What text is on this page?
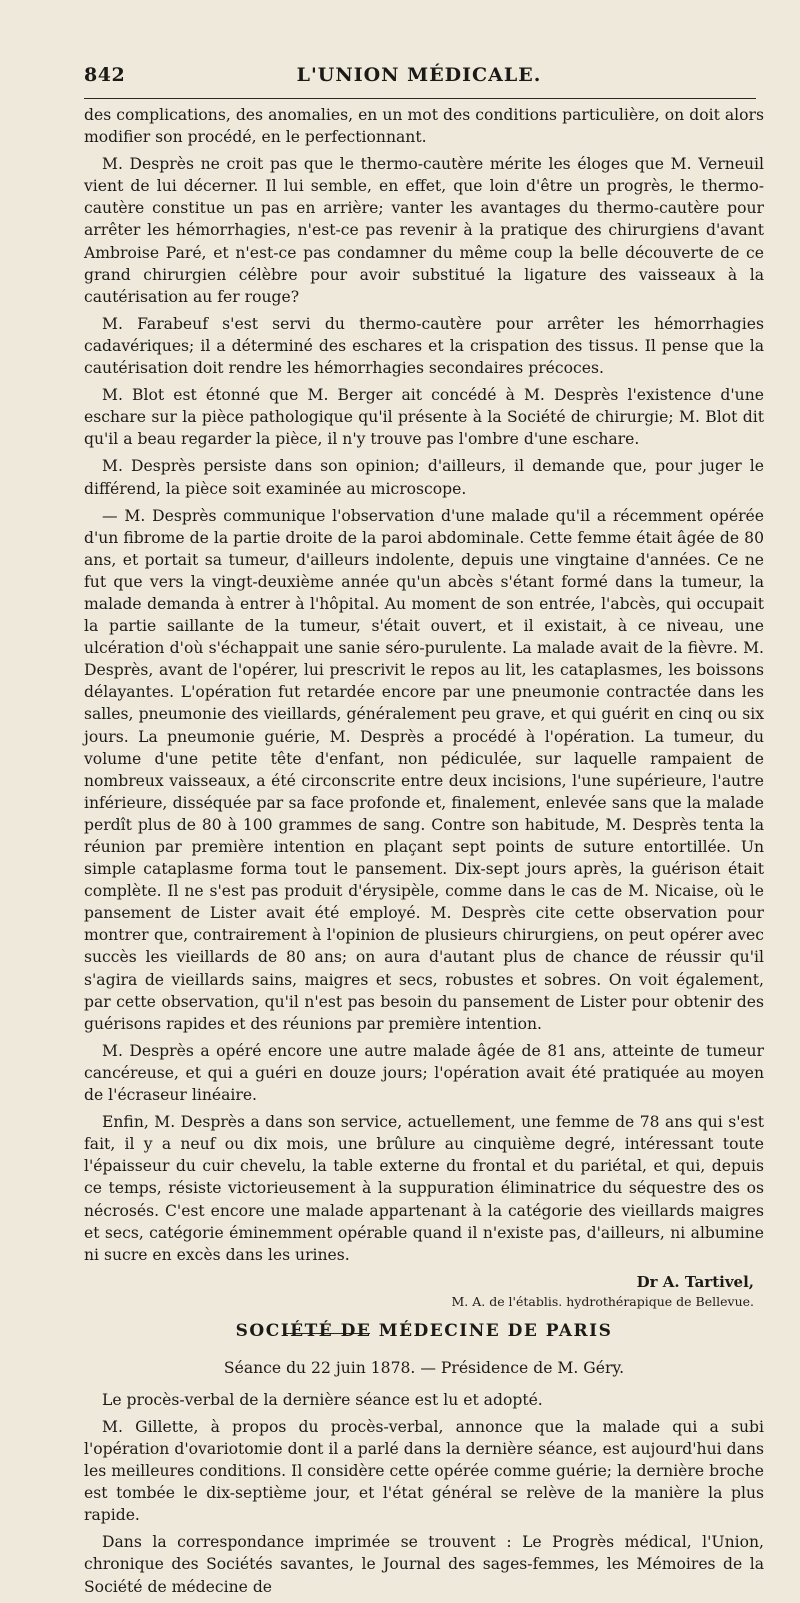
842	L'UNION MÉDICALE.

des complications, des anomalies, en un mot des conditions particulière, on doit alors modifier son procédé, en le perfectionnant.

M. Desprès ne croit pas que le thermo-cautère mérite les éloges que M. Verneuil vient de lui décerner. Il lui semble, en effet, que loin d'être un progrès, le thermo-cautère constitue un pas en arrière; vanter les avantages du thermo-cautère pour arrêter les hémorrhagies, n'est-ce pas revenir à la pratique des chirurgiens d'avant Ambroise Paré, et n'est-ce pas condamner du même coup la belle découverte de ce grand chirurgien célèbre pour avoir substitué la ligature des vaisseaux à la cautérisation au fer rouge?

M. Farabeuf s'est servi du thermo-cautère pour arrêter les hémorrhagies cadavériques; il a déterminé des eschares et la crispation des tissus. Il pense que la cautérisation doit rendre les hémorrhagies secondaires précoces.

M. Blot est étonné que M. Berger ait concédé à M. Desprès l'existence d'une eschare sur la pièce pathologique qu'il présente à la Société de chirurgie; M. Blot dit qu'il a beau regarder la pièce, il n'y trouve pas l'ombre d'une eschare.

M. Desprès persiste dans son opinion; d'ailleurs, il demande que, pour juger le différend, la pièce soit examinée au microscope.

— M. Desprès communique l'observation d'une malade qu'il a récemment opérée d'un fibrome de la partie droite de la paroi abdominale. Cette femme était âgée de 80 ans, et portait sa tumeur, d'ailleurs indolente, depuis une vingtaine d'années. Ce ne fut que vers la vingt-deuxième année qu'un abcès s'étant formé dans la tumeur, la malade demanda à entrer à l'hôpital. Au moment de son entrée, l'abcès, qui occupait la partie saillante de la tumeur, s'était ouvert, et il existait, à ce niveau, une ulcération d'où s'échappait une sanie séro-purulente. La malade avait de la fièvre. M. Desprès, avant de l'opérer, lui prescrivit le repos au lit, les cataplasmes, les boissons délayantes. L'opération fut retardée encore par une pneumonie contractée dans les salles, pneumonie des vieillards, généralement peu grave, et qui guérit en cinq ou six jours. La pneumonie guérie, M. Desprès a procédé à l'opération. La tumeur, du volume d'une petite tête d'enfant, non pédiculée, sur laquelle rampaient de nombreux vaisseaux, a été circonscrite entre deux incisions, l'une supérieure, l'autre inférieure, disséquée par sa face profonde et, finalement, enlevée sans que la malade perdît plus de 80 à 100 grammes de sang. Contre son habitude, M. Desprès tenta la réunion par première intention en plaçant sept points de suture entortillée. Un simple cataplasme forma tout le pansement. Dix-sept jours après, la guérison était complète. Il ne s'est pas produit d'érysipèle, comme dans le cas de M. Nicaise, où le pansement de Lister avait été employé. M. Desprès cite cette observation pour montrer que, contrairement à l'opinion de plusieurs chirurgiens, on peut opérer avec succès les vieillards de 80 ans; on aura d'autant plus de chance de réussir qu'il s'agira de vieillards sains, maigres et secs, robustes et sobres. On voit également, par cette observation, qu'il n'est pas besoin du pansement de Lister pour obtenir des guérisons rapides et des réunions par première intention.

M. Desprès a opéré encore une autre malade âgée de 81 ans, atteinte de tumeur cancéreuse, et qui a guéri en douze jours; l'opération avait été pratiquée au moyen de l'écraseur linéaire.

Enfin, M. Desprès a dans son service, actuellement, une femme de 78 ans qui s'est fait, il y a neuf ou dix mois, une brûlure au cinquième degré, intéressant toute l'épaisseur du cuir chevelu, la table externe du frontal et du pariétal, et qui, depuis ce temps, résiste victorieusement à la suppuration éliminatrice du séquestre des os nécrosés. C'est encore une malade appartenant à la catégorie des vieillards maigres et secs, catégorie éminemment opérable quand il n'existe pas, d'ailleurs, ni albumine ni sucre en excès dans les urines.

Dr A. Tartivel,
M. A. de l'établis. hydrothérapique de Bellevue.
SOCIÉTÉ DE MÉDECINE DE PARIS
Séance du 22 juin 1878. — Présidence de M. Géry.

Le procès-verbal de la dernière séance est lu et adopté.

M. Gillette, à propos du procès-verbal, annonce que la malade qui a subi l'opération d'ovariotomie dont il a parlé dans la dernière séance, est aujourd'hui dans les meilleures conditions. Il considère cette opérée comme guérie; la dernière broche est tombée le dix-septième jour, et l'état général se relève de la manière la plus rapide.

Dans la correspondance imprimée se trouvent : Le Progrès médical, l'Union, chronique des Sociétés savantes, le Journal des sages-femmes, les Mémoires de la Société de médecine de
